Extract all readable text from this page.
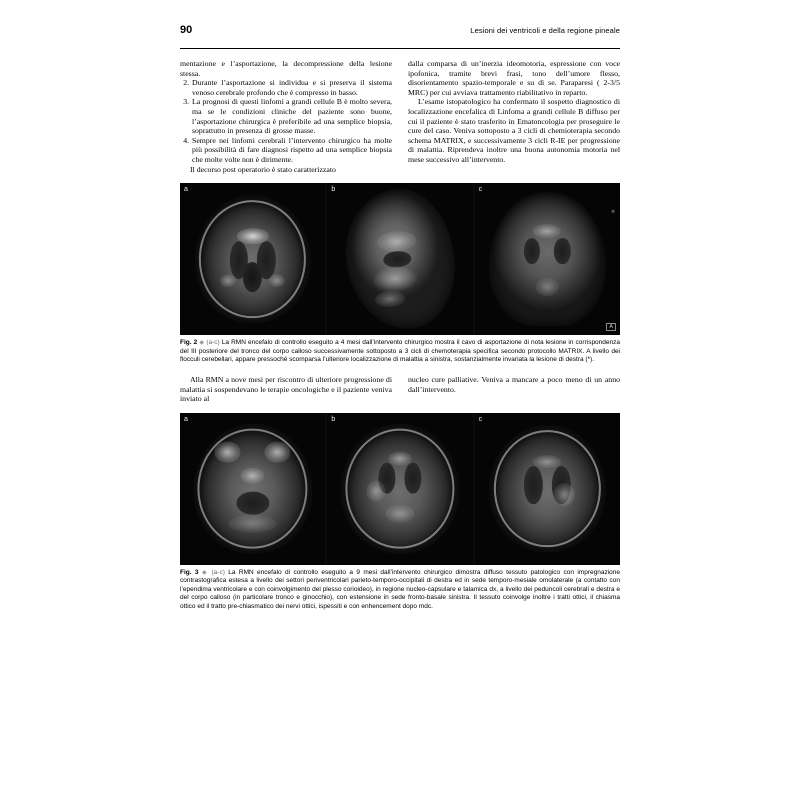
90	Lesioni dei ventricoli e della regione pineale

mentazione e l’asportazione, la decompressione della lesione stessa.

2. Durante l’asportazione si individua e si preserva il sistema venoso cerebrale profondo che è compresso in basso.
3. La prognosi di questi linfomi a grandi cellule B è molto severa, ma se le condizioni cliniche del paziente sono buone, l’asportazione chirurgica è preferibile ad una semplice biopsia, soprattutto in presenza di grosse masse.
4. Sempre nei linfomi cerebrali l’intervento chirurgico ha molte più possibilità di fare diagnosi rispetto ad una semplice biopsia che molte volte non è dirimente.

Il decorso post operatorio è stato caratterizzato

dalla comparsa di un’inerzia ideomotoria, espressione con voce ipofonica, tramite brevi frasi, tono dell’umore flesso, disorientamento spazio-temporale e su di se. Paraparesi ( 2-3/5 MRC) per cui avviava trattamento riabilitativo in reparto.

L’esame istopatologico ha confermato il sospetto diagnostico di localizzazione encefalica di Linfoma a grandi cellule B diffuso per cui il paziente è stato trasferito in Ematoncologia per proseguire le cure del caso. Veniva sottoposto a 3 cicli di chemioterapia secondo schema MATRIX, e successivamente 3 cicli R-IE per progressione di malattia. Riprendeva inoltre una buona autonomia motoria nel mese successivo all’intervento.

a	b	c
R
A
Fig. 2 ◆ (a-c) La RMN encefalo di controllo eseguito a 4 mesi dall’intervento chirurgico mostra il cavo di asportazione di nota lesione in corrispondenza del III posteriore del tronco del corpo calloso successivamente sottoposto a 3 cicli di chemoterapia specifica secondo protocollo MATRIX. A livello dei flocculi cerebellari, appare pressoché scomparsa l’ulteriore localizzazione di malattia a sinistra, sostanzialmente invariata la lesione di destra (*).

Alla RMN a nove mesi per riscontro di ulteriore progressione di malattia si sospendevano le terapie oncologiche e il paziente veniva inviato al

nucleo cure palliative. Veniva a mancare a poco meno di un anno dall’intervento.

a	b	c
Fig. 3 ◆ (a-c) La RMN encefalo di controllo eseguito a 9 mesi dall’intervento chirurgico dimostra diffuso tessuto patologico con impregnazione contrastografica estesa a livello dei settori periventricolari parieto-temporo-occipitali di destra ed in sede temporo-mesiale omolaterale (a contatto con l’ependima ventricolare e con coinvolgimento del plesso corioideo), in regione nucleo-capsulare e talamica dx, a livello dei peduncoli cerebrali e destra e del corpo calloso (in particolare tronco e ginocchio), con estensione in sede fronto-basale sinistra. Il tessuto coinvolge inoltre i tratti ottici, il chiasma ottico ed il tratto pre-chiasmatico dei nervi ottici, ispessiti e con enhencement dopo mdc.
